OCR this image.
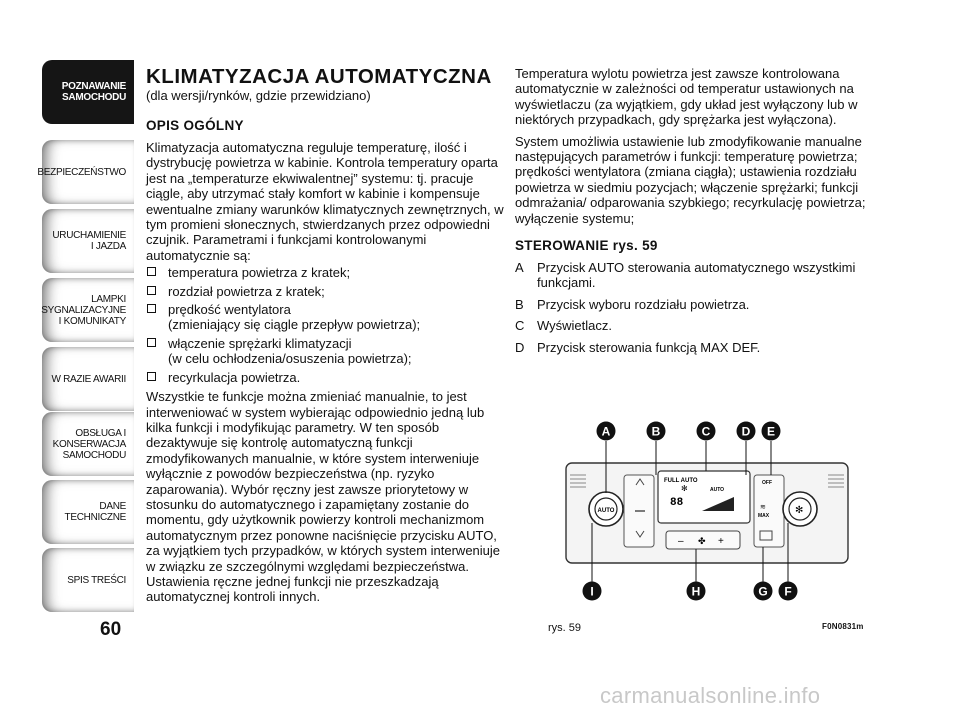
POZNAWANIE
SAMOCHODU
BEZPIECZEŃSTWO
URUCHAMIENIE
I JAZDA
LAMPKI
SYGNALIZACYJNE
I KOMUNIKATY
W RAZIE AWARII
OBSŁUGA I
KONSERWACJA
SAMOCHODU
DANE TECHNICZNE
SPIS TREŚCI
60
KLIMATYZACJA AUTOMATYCZNA

(dla wersji/rynków, gdzie przewidziano)

OPIS OGÓLNY

Klimatyzacja automatyczna reguluje temperaturę, ilość i dystrybucję powietrza w kabinie. Kontrola temperatury oparta jest na „temperaturze ekwiwalentnej” systemu: tj. pracuje ciągle, aby utrzymać stały komfort w kabinie i kompensuje ewentualne zmiany warunków klimatycznych zewnętrznych, w tym promieni słonecznych, stwierdzanych przez odpowiedni czujnik. Parametrami i funkcjami kontrolowanymi automatycznie są:

temperatura powietrza z kratek;
rozdział powietrza z kratek;
prędkość wentylatora
(zmieniający się ciągle przepływ powietrza);
włączenie sprężarki klimatyzacji
(w celu ochłodzenia/osuszenia powietrza);
recyrkulacja powietrza.

Wszystkie te funkcje można zmieniać manualnie, to jest interweniować w system wybierając odpowiednio jedną lub kilka funkcji i modyfikując parametry. W ten sposób dezaktywuje się kontrolę automatyczną funkcji zmodyfikowanych manualnie, w które system interweniuje wyłącznie z powodów bezpieczeństwa (np. ryzyko zaparowania). Wybór ręczny jest zawsze priorytetowy w stosunku do automatycznego i zapamiętany zostanie do momentu, gdy użytkownik powierzy kontroli mechanizmom automatycznym przez ponowne naciśnięcie przycisku AUTO, za wyjątkiem tych przypadków, w których system interweniuje w związku ze szczególnymi względami bezpieczeństwa. Ustawienia ręczne jednej funkcji nie przeszkadzają automatycznej kontroli innych.

Temperatura wylotu powietrza jest zawsze kontrolowana automatycznie w zależności od temperatur ustawionych na wyświetlaczu (za wyjątkiem, gdy układ jest wyłączony lub w niektórych przypadkach, gdy sprężarka jest wyłączona).

System umożliwia ustawienie lub zmodyfikowanie manualne następujących parametrów i funkcji: temperaturę powietrza; prędkości wentylatora (zmiana ciągła); ustawienia rozdziału powietrza w siedmiu pozycjach; włączenie sprężarki; funkcji odmrażania/ odparowania szybkiego; recyrkulację powietrza; wyłączenie systemu;

STEROWANIE rys. 59
A Przycisk AUTO sterowania automatycznego wszystkimi funkcjami.
B Przycisk wyboru rozdziału powietrza.
C Wyświetlacz.
D Przycisk sterowania funkcją MAX DEF.
AUTO
FULL AUTO
AUTO
88
✻
– ✤ +
MAX
≋
OFF
✻
A	B	C	D E
I	H	G F
rys. 59	F0N0831m
carmanualsonline.info
